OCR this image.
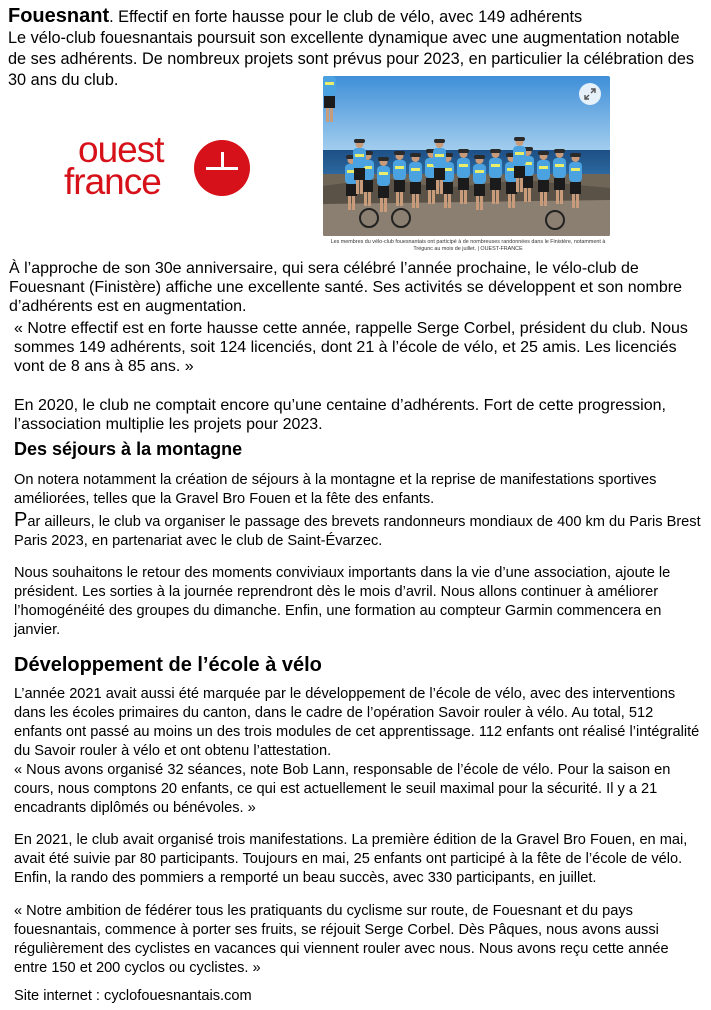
Fouesnant. Effectif en forte hausse pour le club de vélo, avec 149 adhérents
Le vélo-club fouesnantais poursuit son excellente dynamique avec une augmentation notable de ses adhérents. De nombreux projets sont prévus pour 2023, en particulier la célébration des 30 ans du club.
ouest
france
Les membres du vélo-club fouesnantais ont participé à de nombreuses randonnées dans le Finistère, notamment à Trégunc au mois de juillet. | OUEST-FRANCE

À l’approche de son 30e anniversaire, qui sera célébré l’année prochaine, le vélo-club de Fouesnant (Finistère) affiche une excellente santé. Ses activités se développent et son nombre d’adhérents est en augmentation.

« Notre effectif est en forte hausse cette année, rappelle Serge Corbel, président du club. Nous sommes 149 adhérents, soit 124 licenciés, dont 21 à l’école de vélo, et 25 amis. Les licenciés vont de 8 ans à 85 ans. »

En 2020, le club ne comptait encore qu’une centaine d’adhérents. Fort de cette progression, l’association multiplie les projets pour 2023.

Des séjours à la montagne

On notera notamment la création de séjours à la montagne et la reprise de manifestations sportives améliorées, telles que la Gravel Bro Fouen et la fête des enfants.

Par ailleurs, le club va organiser le passage des brevets randonneurs mondiaux de 400 km du Paris Brest Paris 2023, en partenariat avec le club de Saint-Évarzec.

Nous souhaitons le retour des moments conviviaux importants dans la vie d’une association, ajoute le président. Les sorties à la journée reprendront dès le mois d’avril. Nous allons continuer à améliorer l’homogénéité des groupes du dimanche. Enfin, une formation au compteur Garmin commencera en janvier.

Développement de l’école à vélo

L’année 2021 avait aussi été marquée par le développement de l’école de vélo, avec des interventions dans les écoles primaires du canton, dans le cadre de l’opération Savoir rouler à vélo. Au total, 512 enfants ont passé au moins un des trois modules de cet apprentissage. 112 enfants ont réalisé l’intégralité du Savoir rouler à vélo et ont obtenu l’attestation.

« Nous avons organisé 32 séances, note Bob Lann, responsable de l’école de vélo. Pour la saison en cours, nous comptons 20 enfants, ce qui est actuellement le seuil maximal pour la sécurité. Il y a 21 encadrants diplômés ou bénévoles. »

En 2021, le club avait organisé trois manifestations. La première édition de la Gravel Bro Fouen, en mai, avait été suivie par 80 participants. Toujours en mai, 25 enfants ont participé à la fête de l’école de vélo. Enfin, la rando des pommiers a remporté un beau succès, avec 330 participants, en juillet.

« Notre ambition de fédérer tous les pratiquants du cyclisme sur route, de Fouesnant et du pays fouesnantais, commence à porter ses fruits, se réjouit Serge Corbel. Dès Pâques, nous avons aussi régulièrement des cyclistes en vacances qui viennent rouler avec nous. Nous avons reçu cette année entre 150 et 200 cyclos ou cyclistes. »

Site internet : cyclofouesnantais.com
